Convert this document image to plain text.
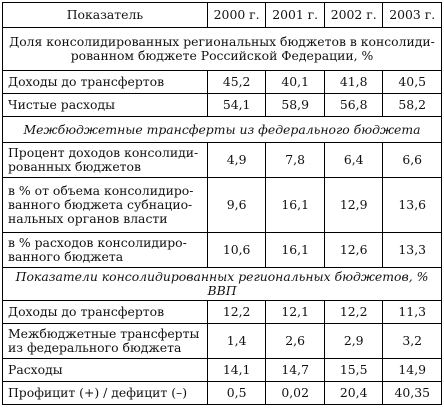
Показатель	2000 г.	2001 г.	2002 г.	2003 г.
Доля консолидированных региональных бюджетов в консолиди-рованном бюджете Российской Федерации, %				
Доходы до трансфертов	45,2	40,1	41,8	40,5
Чистые расходы	54,1	58,9	56,8	58,2
Межбюджетные трансферты из федерального бюджета				
Процент доходов консолиди-рованных бюджетов	4,9	7,8	6,4	6,6
в % от объема консолидиро-ванного бюджета субнацио-нальных органов власти	9,6	16,1	12,9	13,6
в % расходов консолидиро-ванного бюджета	10,6	16,1	12,6	13,3
Показатели консолидированных региональных бюджетов, % ВВП				
Доходы до трансфертов	12,2	12,1	12,2	11,3
Межбюджетные трансферты из федерального бюджета	1,4	2,6	2,9	3,2
Расходы	14,1	14,7	15,5	14,9
Профицит (+) / дефицит (–)	0,5	0,02	20,4	40,35
